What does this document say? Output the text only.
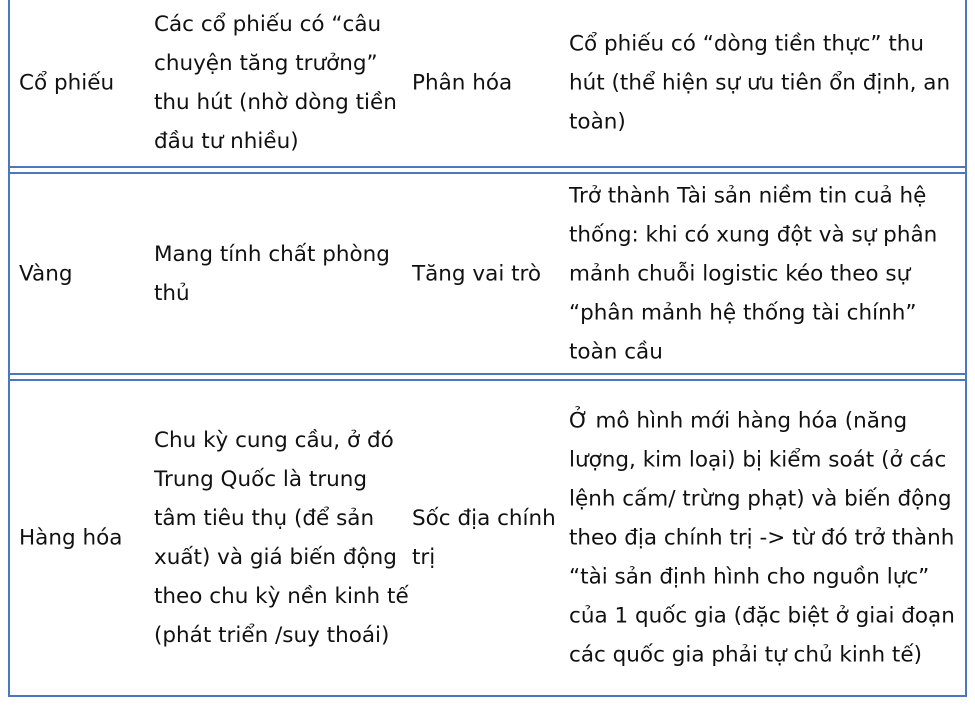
Cổ phiếu
Các cổ phiếu có “câu chuyện tăng trưởng” thu hút (nhờ dòng tiền đầu tư nhiều)
Phân hóa
Cổ phiếu có “dòng tiền thực” thu hút (thể hiện sự ưu tiên ổn định, an toàn)
Vàng
Mang tính chất phòng thủ
Tăng vai trò
Trở thành Tài sản niềm tin cuả hệ thống: khi có xung đột và sự phân mảnh chuỗi logistic kéo theo sự “phân mảnh hệ thống tài chính” toàn cầu
Hàng hóa
Chu kỳ cung cầu, ở đó Trung Quốc là trung tâm tiêu thụ (để sản xuất) và giá biến động theo chu kỳ nền kinh tế (phát triển /suy thoái)
Sốc địa chính trị
Ở mô hình mới hàng hóa (năng lượng, kim loại) bị kiểm soát (ở các lệnh cấm/ trừng phạt) và biến động theo địa chính trị -> từ đó trở thành “tài sản định hình cho nguồn lực” của 1 quốc gia (đặc biệt ở giai đoạn các quốc gia phải tự chủ kinh tế)
